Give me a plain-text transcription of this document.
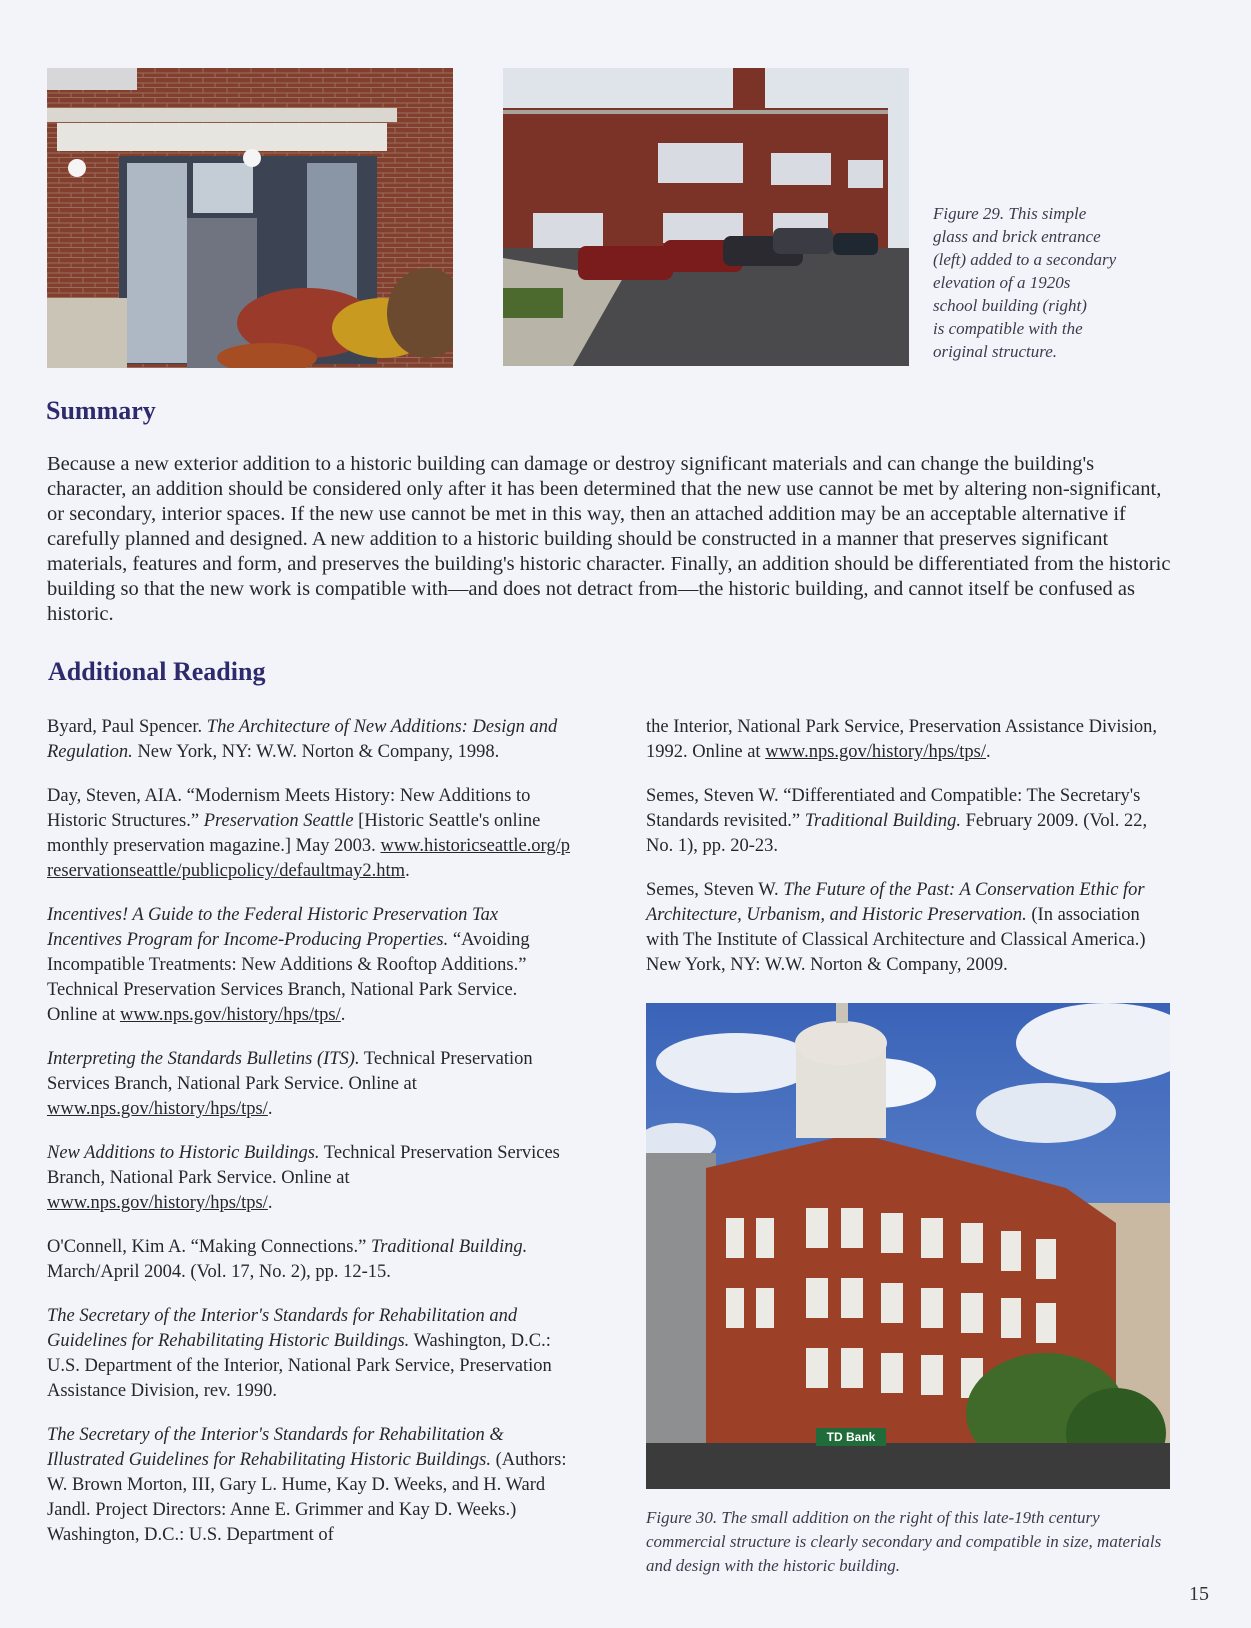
Figure 29. This simple
glass and brick entrance
(left) added to a secondary
elevation of a 1920s
school building (right)
is compatible with the
original structure.
Summary

Because a new exterior addition to a historic building can damage or destroy significant materials and can change the building's character, an addition should be considered only after it has been determined that the new use cannot be met by altering non-significant, or secondary, interior spaces. If the new use cannot be met in this way, then an attached addition may be an acceptable alternative if carefully planned and designed. A new addition to a historic building should be constructed in a manner that preserves significant materials, features and form, and preserves the building's historic character. Finally, an addition should be differentiated from the historic building so that the new work is compatible with—and does not detract from—the historic building, and cannot itself be confused as historic.

Additional Reading

Byard, Paul Spencer. The Architecture of New Additions: Design and Regulation. New York, NY: W.W. Norton & Company, 1998.

Day, Steven, AIA. “Modernism Meets History: New Additions to Historic Structures.” Preservation Seattle [Historic Seattle's online monthly preservation magazine.] May 2003. www.historicseattle.org/preservationseattle/publicpolicy/defaultmay2.htm.

Incentives! A Guide to the Federal Historic Preservation Tax Incentives Program for Income-Producing Properties. “Avoiding Incompatible Treatments: New Additions & Rooftop Additions.” Technical Preservation Services Branch, National Park Service. Online at www.nps.gov/history/hps/tps/.

Interpreting the Standards Bulletins (ITS). Technical Preservation Services Branch, National Park Service. Online at www.nps.gov/history/hps/tps/.

New Additions to Historic Buildings. Technical Preservation Services Branch, National Park Service. Online at www.nps.gov/history/hps/tps/.

O'Connell, Kim A. “Making Connections.” Traditional Building. March/April 2004. (Vol. 17, No. 2), pp. 12-15.

The Secretary of the Interior's Standards for Rehabilitation and Guidelines for Rehabilitating Historic Buildings. Washington, D.C.: U.S. Department of the Interior, National Park Service, Preservation Assistance Division, rev. 1990.

The Secretary of the Interior's Standards for Rehabilitation & Illustrated Guidelines for Rehabilitating Historic Buildings. (Authors: W. Brown Morton, III, Gary L. Hume, Kay D. Weeks, and H. Ward Jandl. Project Directors: Anne E. Grimmer and Kay D. Weeks.) Washington, D.C.: U.S. Department of

the Interior, National Park Service, Preservation Assistance Division, 1992. Online at www.nps.gov/history/hps/tps/.

Semes, Steven W. “Differentiated and Compatible: The Secretary's Standards revisited.” Traditional Building. February 2009. (Vol. 22, No. 1), pp. 20-23.

Semes, Steven W. The Future of the Past: A Conservation Ethic for Architecture, Urbanism, and Historic Preservation. (In association with The Institute of Classical Architecture and Classical America.) New York, NY: W.W. Norton & Company, 2009.

TD Bank
Figure 30. The small addition on the right of this late-19th century commercial structure is clearly secondary and compatible in size, materials and design with the historic building.
15
